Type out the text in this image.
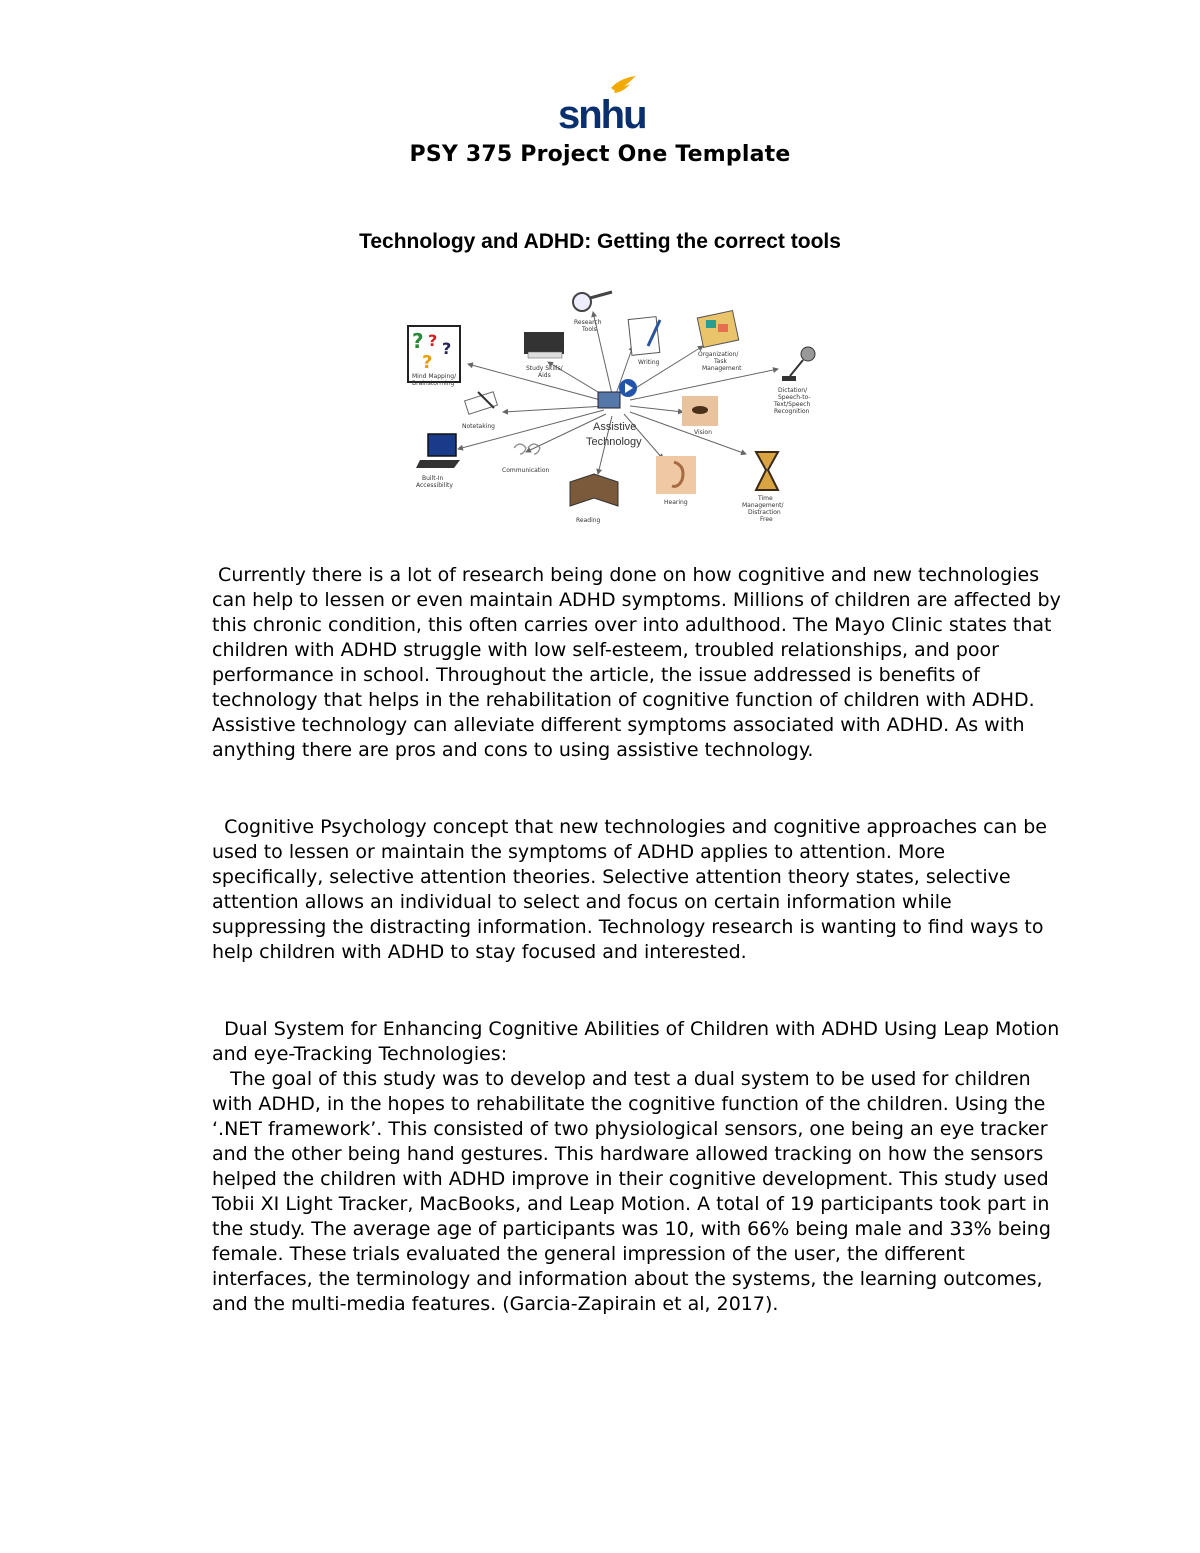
snhu
PSY 375 Project One Template
Technology and ADHD: Getting the correct tools
Assistive
Technology
? ? ?
?
Mind Mapping/
Brainstorming
Study Skills/
Aids
Research
Tools
Writing
Organization/
Task
Management
Dictation/
Speech-to-
Text/Speech
Recognition
Notetaking
Vision
Built-In
Accessibility
Communication
Hearing
Reading
Time
Management/
Distraction
Free

Currently there is a lot of research being done on how cognitive and new technologies can help to lessen or even maintain ADHD symptoms. Millions of children are affected by this chronic condition, this often carries over into adulthood. The Mayo Clinic states that children with ADHD struggle with low self-esteem, troubled relationships, and poor performance in school. Throughout the article, the issue addressed is benefits of technology that helps in the rehabilitation of cognitive function of children with ADHD. Assistive technology can alleviate different symptoms associated with ADHD. As with anything there are pros and cons to using assistive technology.

Cognitive Psychology concept that new technologies and cognitive approaches can be used to lessen or maintain the symptoms of ADHD applies to attention. More specifically, selective attention theories. Selective attention theory states, selective attention allows an individual to select and focus on certain information while suppressing the distracting information. Technology research is wanting to find ways to help children with ADHD to stay focused and interested.

Dual System for Enhancing Cognitive Abilities of Children with ADHD Using Leap Motion and eye-Tracking Technologies:

The goal of this study was to develop and test a dual system to be used for children with ADHD, in the hopes to rehabilitate the cognitive function of the children. Using the ‘.NET framework’. This consisted of two physiological sensors, one being an eye tracker and the other being hand gestures. This hardware allowed tracking on how the sensors helped the children with ADHD improve in their cognitive development. This study used Tobii XI Light Tracker, MacBooks, and Leap Motion. A total of 19 participants took part in the study. The average age of participants was 10, with 66% being male and 33% being female. These trials evaluated the general impression of the user, the different interfaces, the terminology and information about the systems, the learning outcomes, and the multi-media features. (Garcia-Zapirain et al, 2017).
